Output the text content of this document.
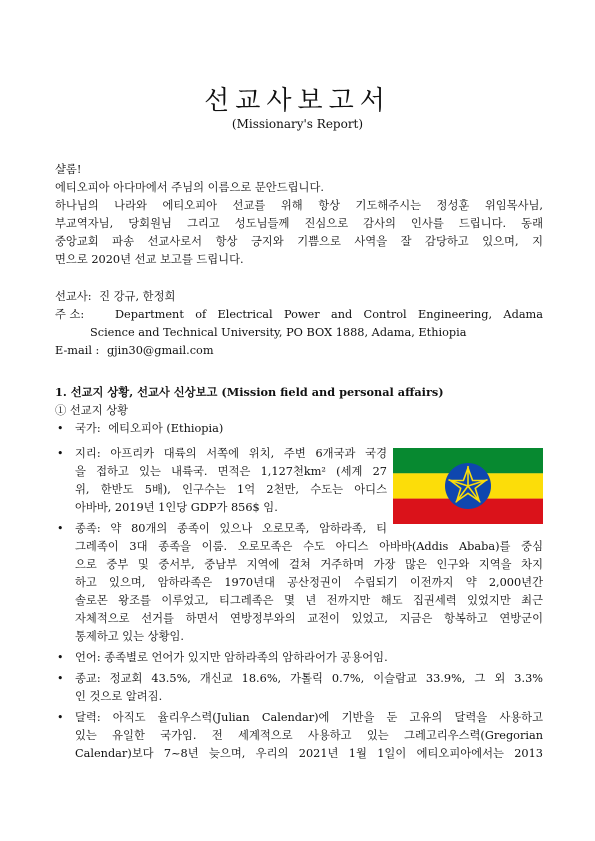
선교사보고서
(Missionary's Report)
샬롬!
에티오피아 아다마에서 주님의 이름으로 문안드립니다.
하나님의 나라와 에티오피아 선교를 위해 항상 기도해주시는 정성훈 위임목사님,
부교역자님, 당회원님 그리고 성도님들께 진심으로 감사의 인사를 드립니다. 동래
중앙교회 파송 선교사로서 항상 긍지와 기쁨으로 사역을 잘 감당하고 있으며, 지
면으로 2020년 선교 보고를 드립니다.
선교사: 진 강규, 한정희
주 소:	Department of Electrical Power and Control Engineering, Adama
Science and Technical University, PO BOX 1888, Adama, Ethiopia
E-mail : gjin30@gmail.com
1. 선교지 상황, 선교사 신상보고 (Mission field and personal affairs)
① 선교지 상황
• 국가: 에티오피아 (Ethiopia)
• 지리: 아프리카 대륙의 서쪽에 위치, 주변 6개국과 국경
을 접하고 있는 내륙국. 면적은 1,127천km² (세계 27
위, 한반도 5배), 인구수는 1억 2천만, 수도는 아디스
아바바, 2019년 1인당 GDP가 856$ 임.
• 종족: 약 80개의 종족이 있으나 오로모족, 암하라족, 티
그레족이 3대 종족을 이룸. 오로모족은 수도 아디스 아바바(Addis Ababa)를 중심
으로 중부 및 중서부, 중남부 지역에 걸쳐 거주하며 가장 많은 인구와 지역을 차지
하고 있으며, 암하라족은 1970년대 공산정권이 수립되기 이전까지 약 2,000년간
솔로몬 왕조를 이루었고, 티그레족은 몇 년 전까지만 해도 집권세력 있었지만 최근
자체적으로 선거를 하면서 연방정부와의 교전이 있었고, 지금은 항복하고 연방군이
통제하고 있는 상황임.
• 언어: 종족별로 언어가 있지만 암하라족의 암하라어가 공용어임.
• 종교: 정교회 43.5%, 개신교 18.6%, 가톨릭 0.7%, 이슬람교 33.9%, 그 외 3.3%
인 것으로 알려짐.
• 달력: 아직도 율리우스력(Julian Calendar)에 기반을 둔 고유의 달력을 사용하고
있는 유일한 국가임. 전 세계적으로 사용하고 있는 그레고리우스력(Gregorian
Calendar)보다 7~8년 늦으며, 우리의 2021년 1월 1일이 에티오피아에서는 2013
